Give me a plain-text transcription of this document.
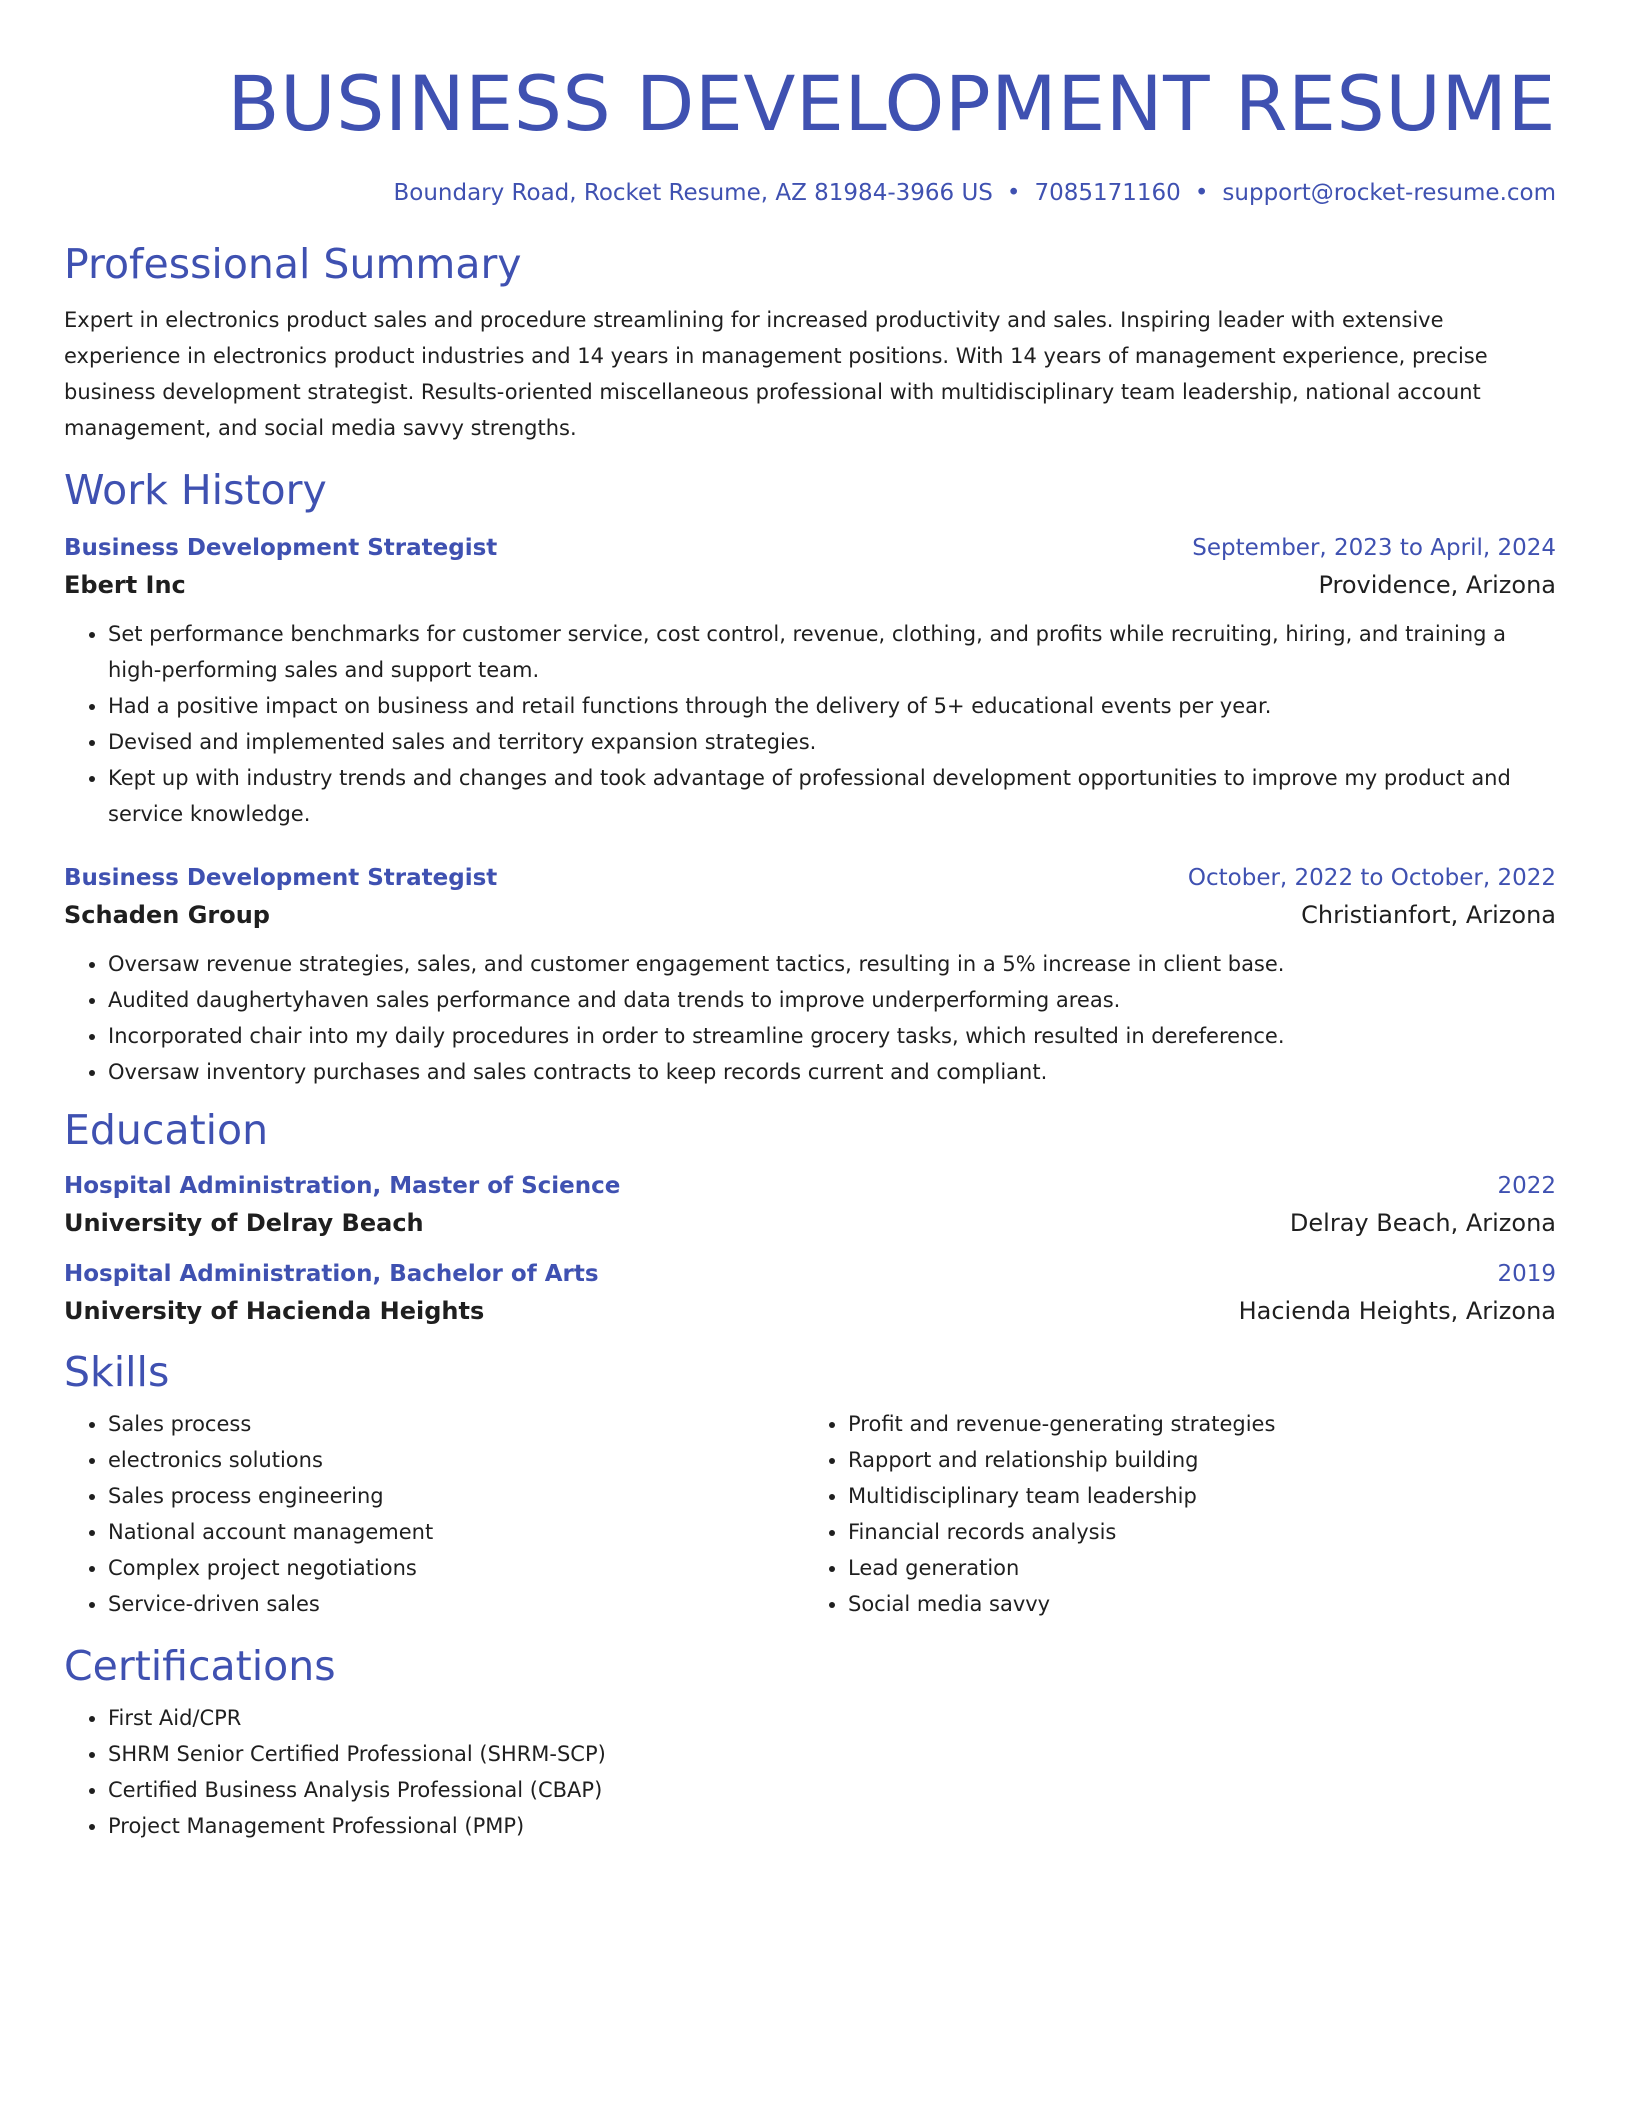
BUSINESS DEVELOPMENT RESUME
Boundary Road, Rocket Resume, AZ 81984-3966 US • 7085171160 • support@rocket-resume.com
Professional Summary
Expert in electronics product sales and procedure streamlining for increased productivity and sales. Inspiring leader with extensive experience in electronics product industries and 14 years in management positions. With 14 years of management experience, precise business development strategist. Results-oriented miscellaneous professional with multidisciplinary team leadership, national account management, and social media savvy strengths.
Work History
Business Development Strategist	September, 2023 to April, 2024
Ebert Inc	Providence, Arizona
• Set performance benchmarks for customer service, cost control, revenue, clothing, and profits while recruiting, hiring, and training a high-performing sales and support team.
• Had a positive impact on business and retail functions through the delivery of 5+ educational events per year.
• Devised and implemented sales and territory expansion strategies.
• Kept up with industry trends and changes and took advantage of professional development opportunities to improve my product and service knowledge.
Business Development Strategist	October, 2022 to October, 2022
Schaden Group	Christianfort, Arizona
• Oversaw revenue strategies, sales, and customer engagement tactics, resulting in a 5% increase in client base.
• Audited daughertyhaven sales performance and data trends to improve underperforming areas.
• Incorporated chair into my daily procedures in order to streamline grocery tasks, which resulted in dereference.
• Oversaw inventory purchases and sales contracts to keep records current and compliant.
Education
Hospital Administration, Master of Science	2022
University of Delray Beach	Delray Beach, Arizona
Hospital Administration, Bachelor of Arts	2019
University of Hacienda Heights	Hacienda Heights, Arizona
Skills
• Sales process
• electronics solutions
• Sales process engineering
• National account management
• Complex project negotiations
• Service-driven sales
• Profit and revenue-generating strategies
• Rapport and relationship building
• Multidisciplinary team leadership
• Financial records analysis
• Lead generation
• Social media savvy
Certifications
• First Aid/CPR
• SHRM Senior Certified Professional (SHRM-SCP)
• Certified Business Analysis Professional (CBAP)
• Project Management Professional (PMP)
